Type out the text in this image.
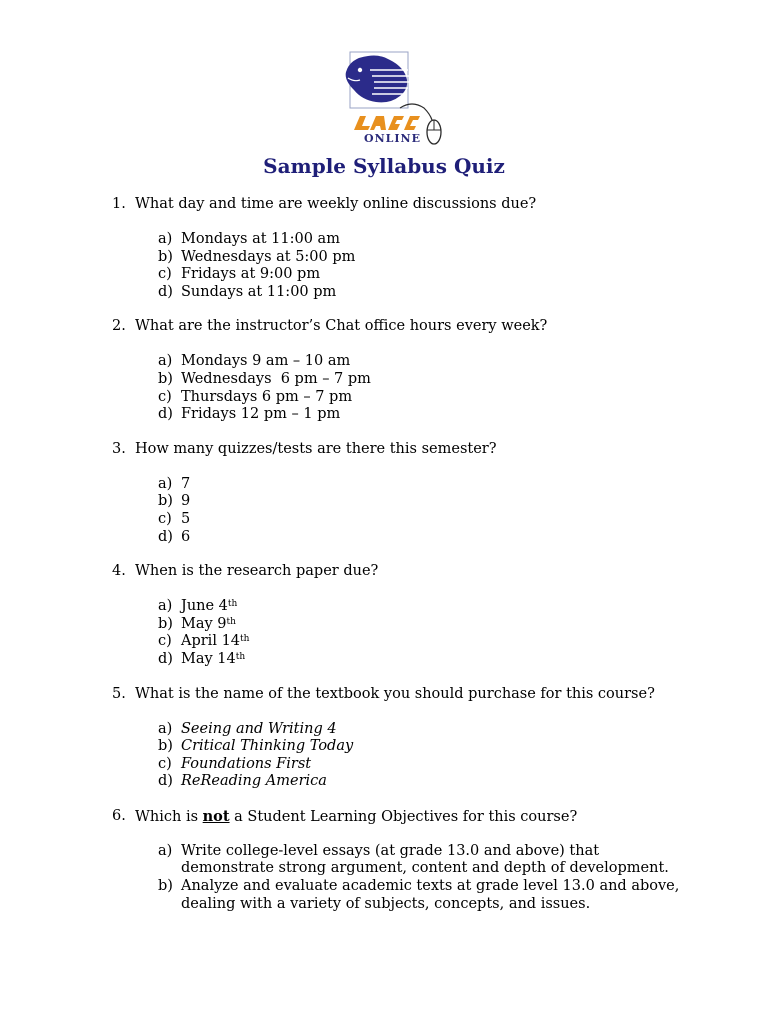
ONLINE
Sample Syllabus Quiz
1. What day and time are weekly online discussions due?
a) Mondays at 11:00 am
b) Wednesdays at 5:00 pm
c) Fridays at 9:00 pm
d) Sundays at 11:00 pm
2. What are the instructor’s Chat office hours every week?
a) Mondays 9 am – 10 am
b) Wednesdays  6 pm – 7 pm
c) Thursdays 6 pm – 7 pm
d) Fridays 12 pm – 1 pm
3. How many quizzes/tests are there this semester?
a) 7
b) 9
c) 5
d) 6
4. When is the research paper due?
a) June 4th
b) May 9th
c) April 14th
d) May 14th
5. What is the name of the textbook you should purchase for this course?
a) Seeing and Writing 4
b) Critical Thinking Today
c) Foundations First
d) ReReading America
6. Which is not a Student Learning Objectives for this course?
a) Write college-level essays (at grade 13.0 and above) that demonstrate strong argument, content and depth of development.
b) Analyze and evaluate academic texts at grade level 13.0 and above, dealing with a variety of subjects, concepts, and issues.
